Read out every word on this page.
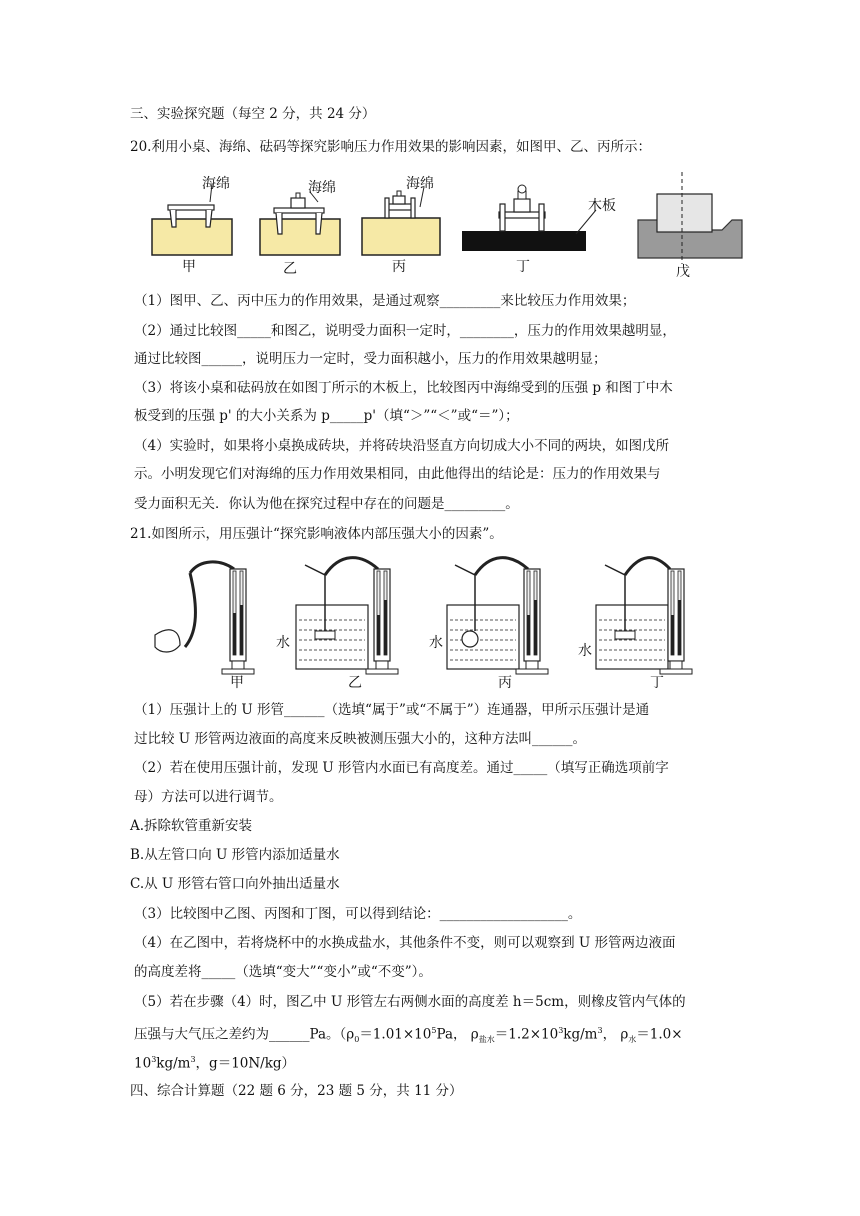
三、实验探究题（每空 2 分，共 24 分）
20.利用小桌、海绵、砝码等探究影响压力作用效果的影响因素，如图甲、乙、丙所示：
海绵
甲
海绵
乙
海绵
丙
木板
丁	戊
（1）图甲、乙、丙中压力的作用效果，是通过观察_________来比较压力作用效果；
（2）通过比较图_____和图乙，说明受力面积一定时，________，压力的作用效果越明显，
通过比较图______，说明压力一定时，受力面积越小，压力的作用效果越明显；
（3）将该小桌和砝码放在如图丁所示的木板上，比较图丙中海绵受到的压强 p 和图丁中木
板受到的压强 p' 的大小关系为 p_____p'（填“＞”“＜”或“＝”）；
（4）实验时，如果将小桌换成砖块，并将砖块沿竖直方向切成大小不同的两块，如图戊所
示。小明发现它们对海绵的压力作用效果相同，由此他得出的结论是：压力的作用效果与
受力面积无关．你认为他在探究过程中存在的问题是_________。
21.如图所示，用压强计“探究影响液体内部压强大小的因素”。
甲
水
乙
水
丙
水
丁
（1）压强计上的 U 形管______（选填“属于”或“不属于”）连通器，甲所示压强计是通
过比较 U 形管两边液面的高度来反映被测压强大小的，这种方法叫______。
（2）若在使用压强计前，发现 U 形管内水面已有高度差。通过_____（填写正确选项前字
母）方法可以进行调节。
A.拆除软管重新安装
B.从左管口向 U 形管内添加适量水
C.从 U 形管右管口向外抽出适量水
（3）比较图中乙图、丙图和丁图，可以得到结论：___________________。
（4）在乙图中，若将烧杯中的水换成盐水，其他条件不变，则可以观察到 U 形管两边液面
的高度差将_____（选填“变大”“变小”或“不变”）。
（5）若在步骤（4）时，图乙中 U 形管左右两侧水面的高度差 h＝5cm，则橡皮管内气体的
压强与大气压之差约为______Pa。（$\rho_0=1.01\times 10^5Pa$， $\rho_{盐水}=1.2\times 10^3kg/m^3$， $\rho_水=1.0\times$
$10^3kg/m^3$，g＝10N/kg）
四、综合计算题（22 题 6 分，23 题 5 分，共 11 分）
